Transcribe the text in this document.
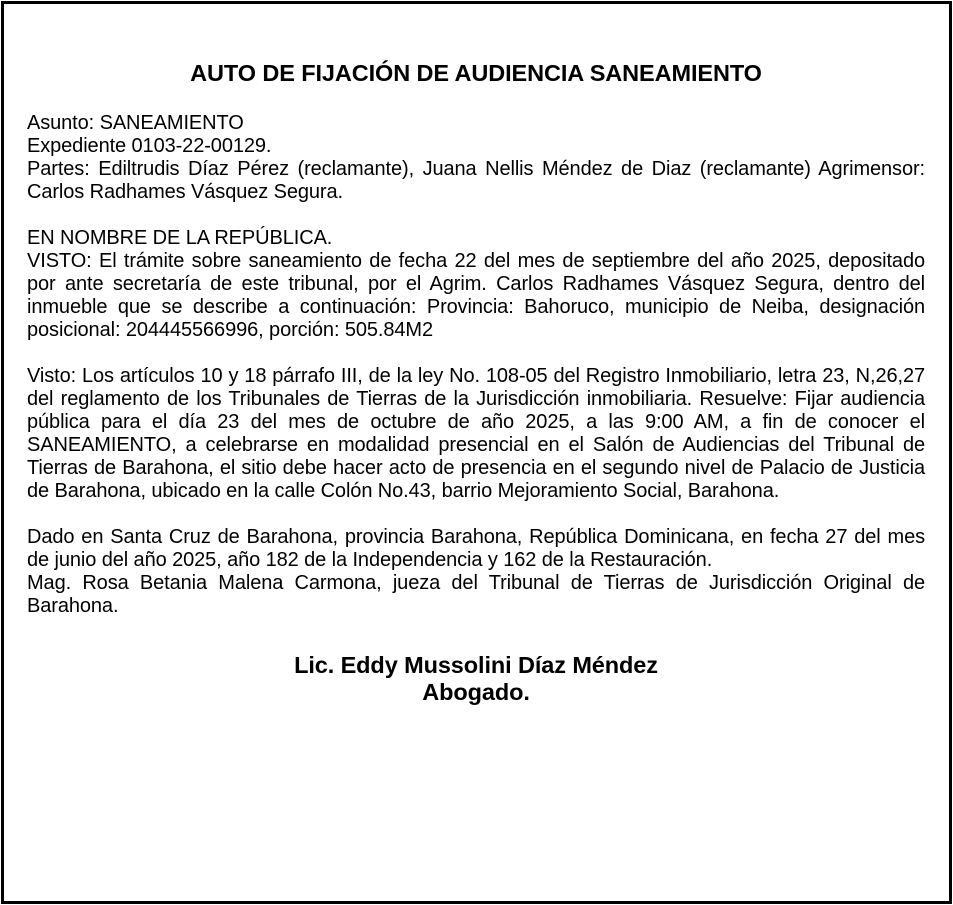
AUTO DE FIJACIÓN DE AUDIENCIA SANEAMIENTO
Asunto: SANEAMIENTO
Expediente 0103-22-00129.
Partes: Ediltrudis Díaz Pérez (reclamante), Juana Nellis Méndez de Diaz (reclamante) Agrimensor: Carlos Radhames Vásquez Segura.
EN NOMBRE DE LA REPÚBLICA.
VISTO: El trámite sobre saneamiento de fecha 22 del mes de septiembre del año 2025, depositado por ante secretaría de este tribunal, por el Agrim. Carlos Radhames Vásquez Segura, dentro del inmueble que se describe a continuación: Provincia: Bahoruco, municipio de Neiba, designación posicional: 204445566996, porción: 505.84M2
Visto: Los artículos 10 y 18 párrafo III, de la ley No. 108-05 del Registro Inmobiliario, letra 23, N,26,27 del reglamento de los Tribunales de Tierras de la Jurisdicción inmobiliaria. Resuelve: Fijar audiencia pública para el día 23 del mes de octubre de año 2025, a las 9:00 AM, a fin de conocer el SANEAMIENTO, a celebrarse en modalidad presencial en el Salón de Audiencias del Tribunal de Tierras de Barahona, el sitio debe hacer acto de presencia en el segundo nivel de Palacio de Justicia de Barahona, ubicado en la calle Colón No.43, barrio Mejoramiento Social, Barahona.
Dado en Santa Cruz de Barahona, provincia Barahona, República Dominicana, en fecha 27 del mes de junio del año 2025, año 182 de la Independencia y 162 de la Restauración.
Mag. Rosa Betania Malena Carmona, jueza del Tribunal de Tierras de Jurisdicción Original de Barahona.
Lic. Eddy Mussolini Díaz Méndez
Abogado.
